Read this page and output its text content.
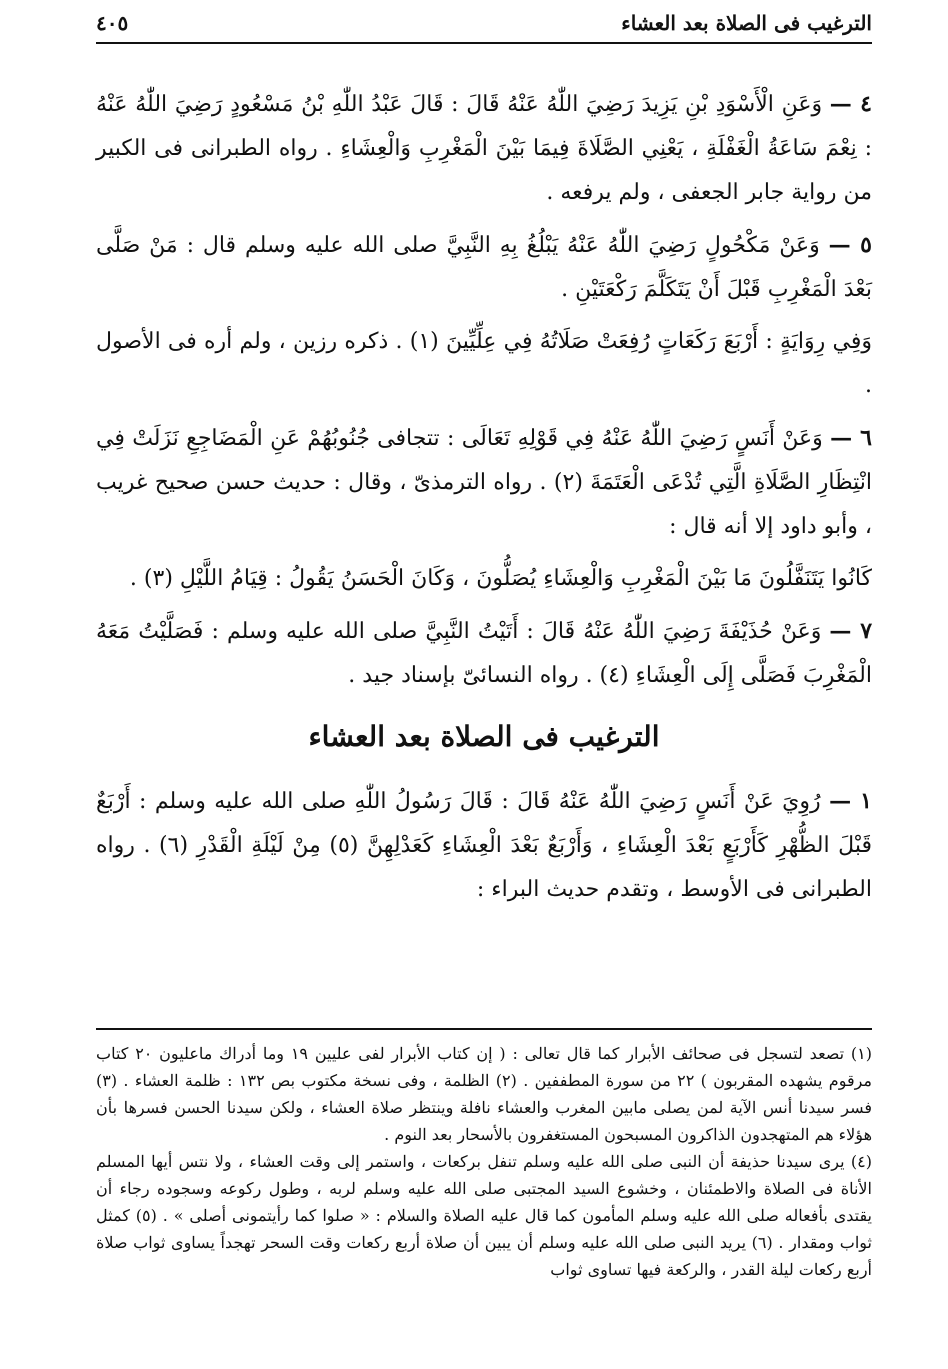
الترغيب فى الصلاة بعد العشاء
٤٠٥

٤ — وَعَنِ الْأَسْوَدِ بْنِ يَزِيدَ رَضِيَ اللّٰهُ عَنْهُ قَالَ : قَالَ عَبْدُ اللّٰهِ بْنُ مَسْعُودٍ رَضِيَ اللّٰهُ عَنْهُ : نِعْمَ سَاعَةُ الْغَفْلَةِ ، يَعْنِي الصَّلَاةَ فِيمَا بَيْنَ الْمَغْرِبِ وَالْعِشَاءِ . رواه الطبرانى فى الكبير من رواية جابر الجعفى ، ولم يرفعه .

٥ — وَعَنْ مَكْحُولٍ رَضِيَ اللّٰهُ عَنْهُ يَبْلُغُ بِهِ النَّبِيَّ صلى الله عليه وسلم قال : مَنْ صَلَّى بَعْدَ الْمَغْرِبِ قَبْلَ أَنْ يَتَكَلَّمَ رَكْعَتَيْنِ .

وَفِي رِوَايَةٍ : أَرْبَعَ رَكَعَاتٍ رُفِعَتْ صَلَاتُهُ فِي عِلِّيِّينَ (١) . ذكره رزين ، ولم أره فى الأصول .

٦ — وَعَنْ أَنَسٍ رَضِيَ اللّٰهُ عَنْهُ فِي قَوْلِهِ تَعَالَى : تتجافى جُنُوبُهُمْ عَنِ الْمَضَاجِعِ نَزَلَتْ فِي انْتِظَارِ الصَّلَاةِ الَّتِي تُدْعَى الْعَتَمَةَ (٢) . رواه الترمذىّ ، وقال : حديث حسن صحيح غريب ، وأبو داود إلا أنه قال :

كَانُوا يَتَنَفَّلُونَ مَا بَيْنَ الْمَغْرِبِ وَالْعِشَاءِ يُصَلُّونَ ، وَكَانَ الْحَسَنُ يَقُولُ : قِيَامُ اللَّيْلِ (٣) .

٧ — وَعَنْ حُذَيْفَةَ رَضِيَ اللّٰهُ عَنْهُ قَالَ : أَتَيْتُ النَّبِيَّ صلى الله عليه وسلم : فَصَلَّيْتُ مَعَهُ الْمَغْرِبَ فَصَلَّى إِلَى الْعِشَاءِ (٤) . رواه النسائىّ بإسناد جيد .

الترغيب فى الصلاة بعد العشاء

١ — رُوِيَ عَنْ أَنَسٍ رَضِيَ اللّٰهُ عَنْهُ قَالَ : قَالَ رَسُولُ اللّٰهِ صلى الله عليه وسلم : أَرْبَعٌ قَبْلَ الظُّهْرِ كَأَرْبَعٍ بَعْدَ الْعِشَاءِ ، وَأَرْبَعٌ بَعْدَ الْعِشَاءِ كَعَدْلِهِنَّ (٥) مِنْ لَيْلَةِ الْقَدْرِ (٦) . رواه الطبرانى فى الأوسط ، وتقدم حديث البراء :

(١) تصعد لتسجل فى صحائف الأبرار كما قال تعالى : ( إن كتاب الأبرار لفى عليين ١٩ وما أدراك ماعليون ٢٠ كتاب مرقوم يشهده المقربون ) ٢٢ من سورة المطففين . (٢) الظلمة ، وفى نسخة مكتوب بص ١٣٢ : ظلمة العشاء . (٣) فسر سيدنا أنس الآية لمن يصلى مابين المغرب والعشاء نافلة وينتظر صلاة العشاء ، ولكن سيدنا الحسن فسرها بأن هؤلاء هم المتهجدون الذاكرون المسبحون المستغفرون بالأسحار بعد النوم .

(٤) يرى سيدنا حذيفة أن النبى صلى الله عليه وسلم تنفل بركعات ، واستمر إلى وقت العشاء ، ولا نتس أيها المسلم الأناة فى الصلاة والاطمئنان ، وخشوع السيد المجتبى صلى الله عليه وسلم لربه ، وطول ركوعه وسجوده رجاء أن يقتدى بأفعاله صلى الله عليه وسلم المأمون كما قال عليه الصلاة والسلام : « صلوا كما رأيتمونى أصلى » . (٥) كمثل ثواب ومقدار . (٦) يريد النبى صلى الله عليه وسلم أن يبين أن صلاة أربع ركعات وقت السحر تهجداً يساوى ثواب صلاة أربع ركعات ليلة القدر ، والركعة فيها تساوى ثواب
